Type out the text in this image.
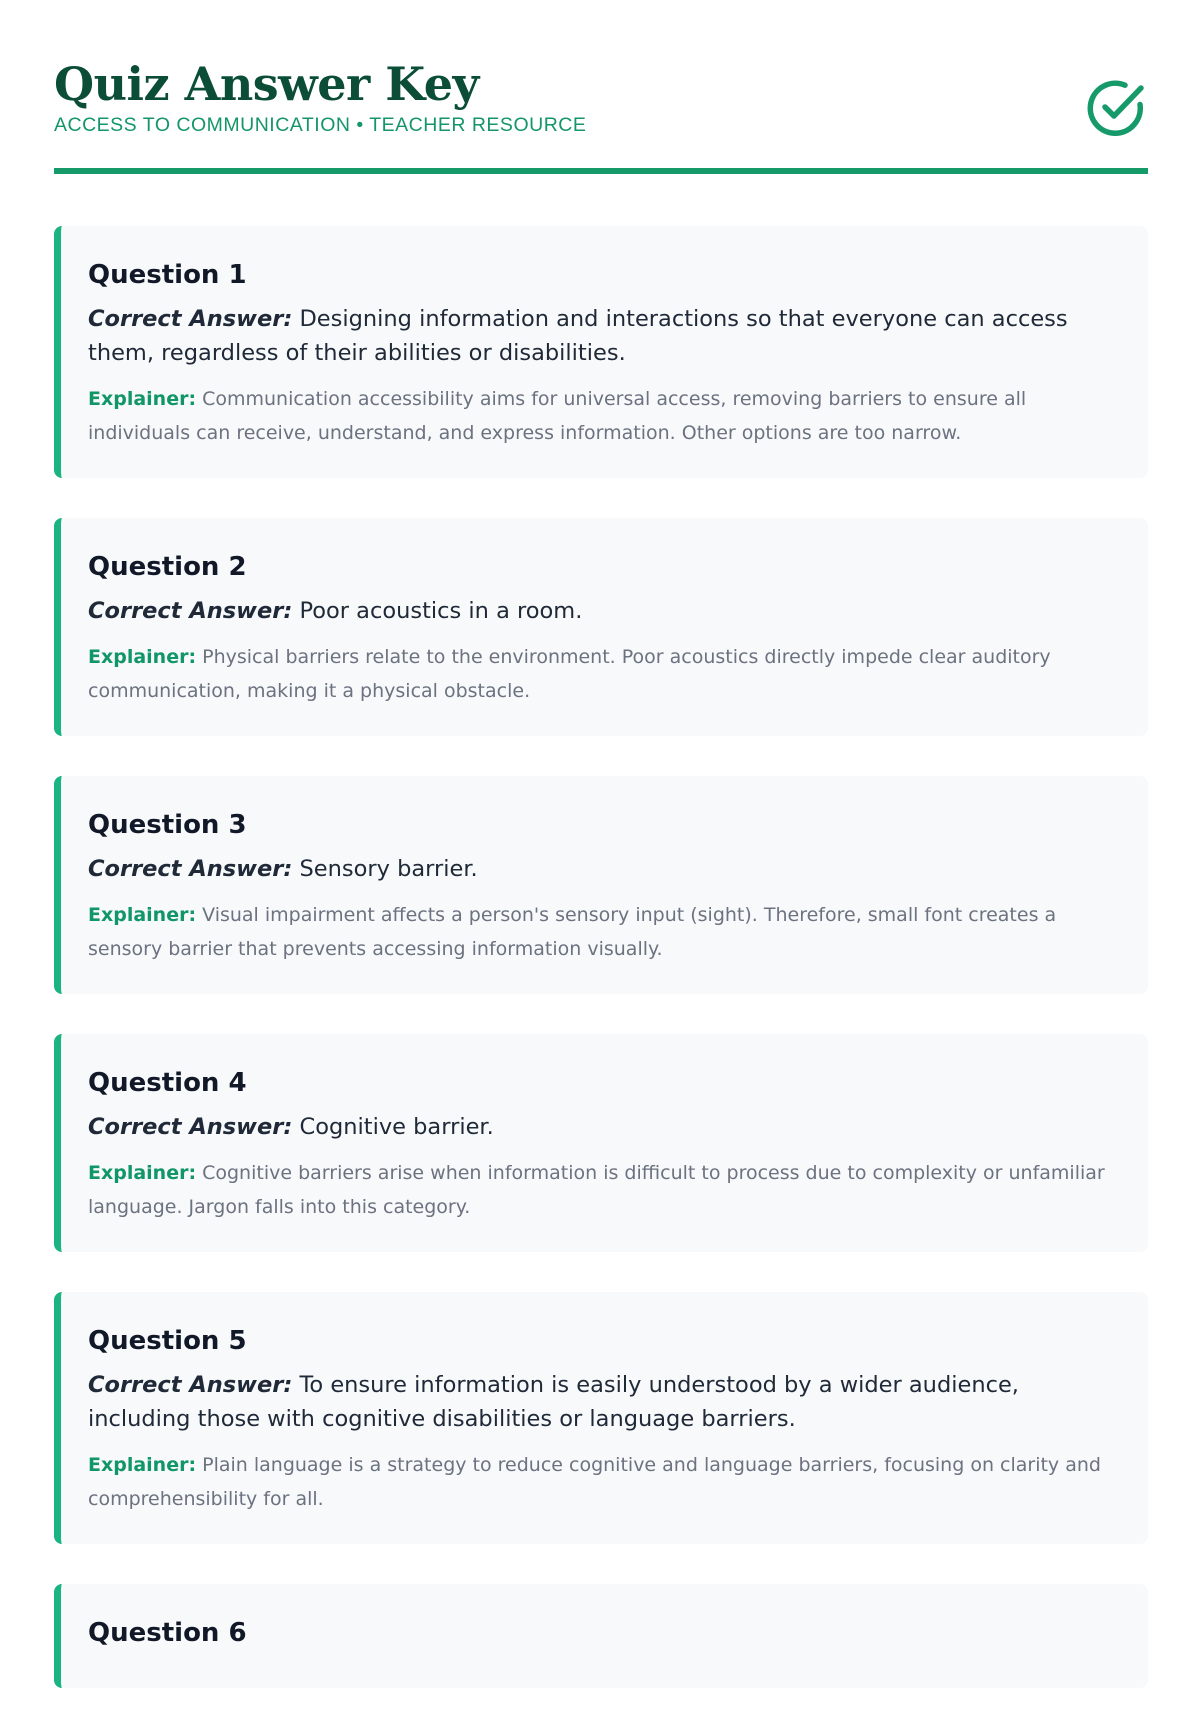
Quiz Answer Key
ACCESS TO COMMUNICATION • TEACHER RESOURCE
Question 1

Correct Answer: Designing information and interactions so that everyone can access them, regardless of their abilities or disabilities.

Explainer: Communication accessibility aims for universal access, removing barriers to ensure all individuals can receive, understand, and express information. Other options are too narrow.

Question 2

Correct Answer: Poor acoustics in a room.

Explainer: Physical barriers relate to the environment. Poor acoustics directly impede clear auditory communication, making it a physical obstacle.

Question 3

Correct Answer: Sensory barrier.

Explainer: Visual impairment affects a person's sensory input (sight). Therefore, small font creates a sensory barrier that prevents accessing information visually.

Question 4

Correct Answer: Cognitive barrier.

Explainer: Cognitive barriers arise when information is difficult to process due to complexity or unfamiliar language. Jargon falls into this category.

Question 5

Correct Answer: To ensure information is easily understood by a wider audience, including those with cognitive disabilities or language barriers.

Explainer: Plain language is a strategy to reduce cognitive and language barriers, focusing on clarity and comprehensibility for all.

Question 6
